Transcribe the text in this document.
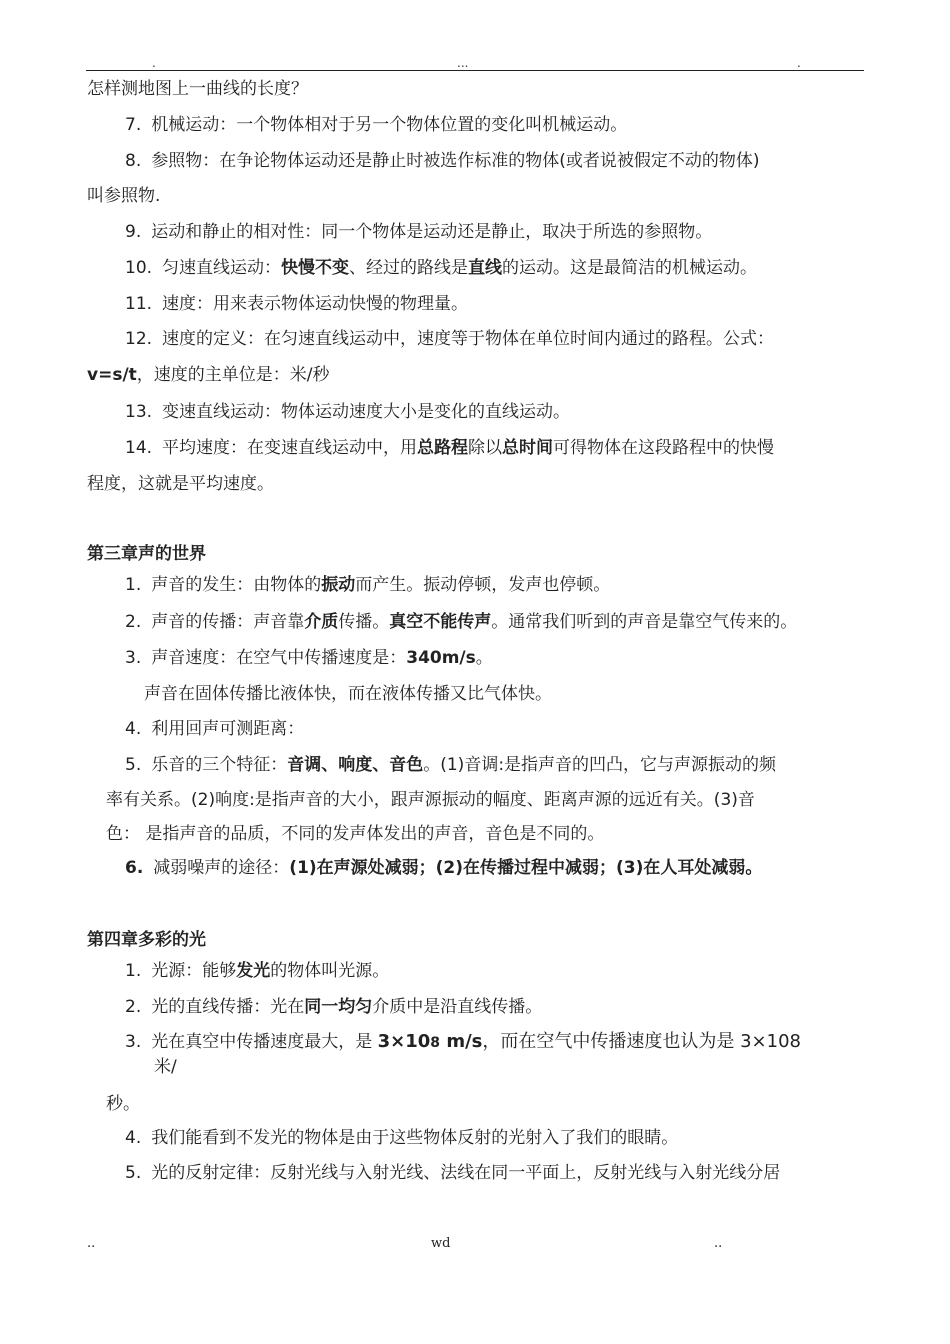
.	...	.
怎样测地图上一曲线的长度？
7. 机械运动：一个物体相对于另一个物体位置的变化叫机械运动。
8. 参照物：在争论物体运动还是静止时被选作标准的物体(或者说被假定不动的物体)
叫参照物.
9. 运动和静止的相对性：同一个物体是运动还是静止，取决于所选的参照物。
10. 匀速直线运动：快慢不变、经过的路线是直线的运动。这是最简洁的机械运动。
11. 速度：用来表示物体运动快慢的物理量。
12. 速度的定义：在匀速直线运动中，速度等于物体在单位时间内通过的路程。公式：
v=s/t，速度的主单位是：米/秒
13. 变速直线运动：物体运动速度大小是变化的直线运动。
14. 平均速度：在变速直线运动中，用总路程除以总时间可得物体在这段路程中的快慢
程度，这就是平均速度。
第三章声的世界
1. 声音的发生：由物体的振动而产生。振动停顿，发声也停顿。
2. 声音的传播：声音靠介质传播。真空不能传声。通常我们听到的声音是靠空气传来的。
3. 声音速度：在空气中传播速度是：340m/s。
声音在固体传播比液体快，而在液体传播又比气体快。
4. 利用回声可测距离：
5. 乐音的三个特征：音调、响度、音色。(1)音调:是指声音的凹凸，它与声源振动的频
率有关系。(2)响度:是指声音的大小，跟声源振动的幅度、距离声源的远近有关。(3)音
色： 是指声音的品质，不同的发声体发出的声音，音色是不同的。
6. 减弱噪声的途径：(1)在声源处减弱；(2)在传播过程中减弱；(3)在人耳处减弱。
第四章多彩的光
1. 光源：能够发光的物体叫光源。
2. 光的直线传播：光在同一均匀介质中是沿直线传播。
3. 光在真空中传播速度最大，是 3×108 m/s，而在空气中传播速度也认为是 3×108
米/
秒。
4. 我们能看到不发光的物体是由于这些物体反射的光射入了我们的眼睛。
5. 光的反射定律：反射光线与入射光线、法线在同一平面上，反射光线与入射光线分居
..	wd	..
